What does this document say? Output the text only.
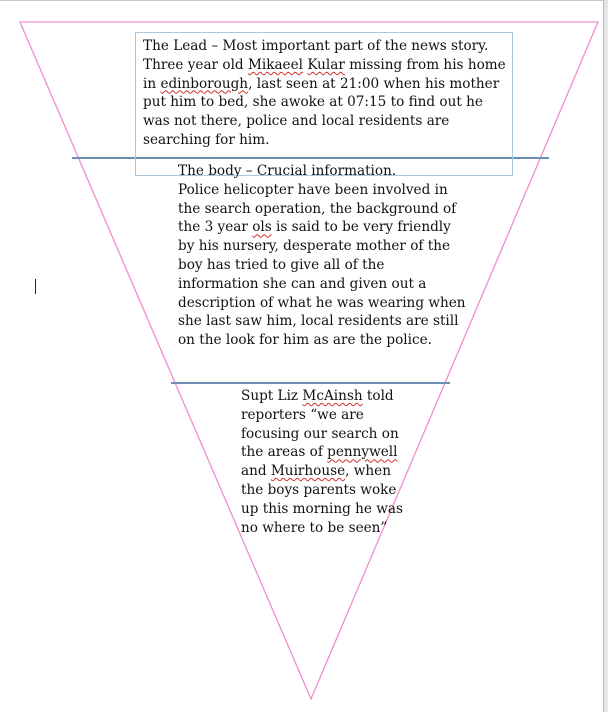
The Lead – Most important part of the news story.

Three year old Mikaeel Kular missing from his home in edinborough, last seen at 21:00 when his mother put him to bed, she awoke at 07:15 to find out he was not there, police and local residents are searching for him.

The body – Crucial information.

Police helicopter have been involved in the search operation, the background of the 3 year ols is said to be very friendly by his nursery, desperate mother of the boy has tried to give all of the information she can and given out a description of what he was wearing when she last saw him, local residents are still on the look for him as are the police.

Supt Liz McAinsh told reporters “we are focusing our search on the areas of pennywell and Muirhouse, when the boys parents woke up this morning he was no where to be seen”
